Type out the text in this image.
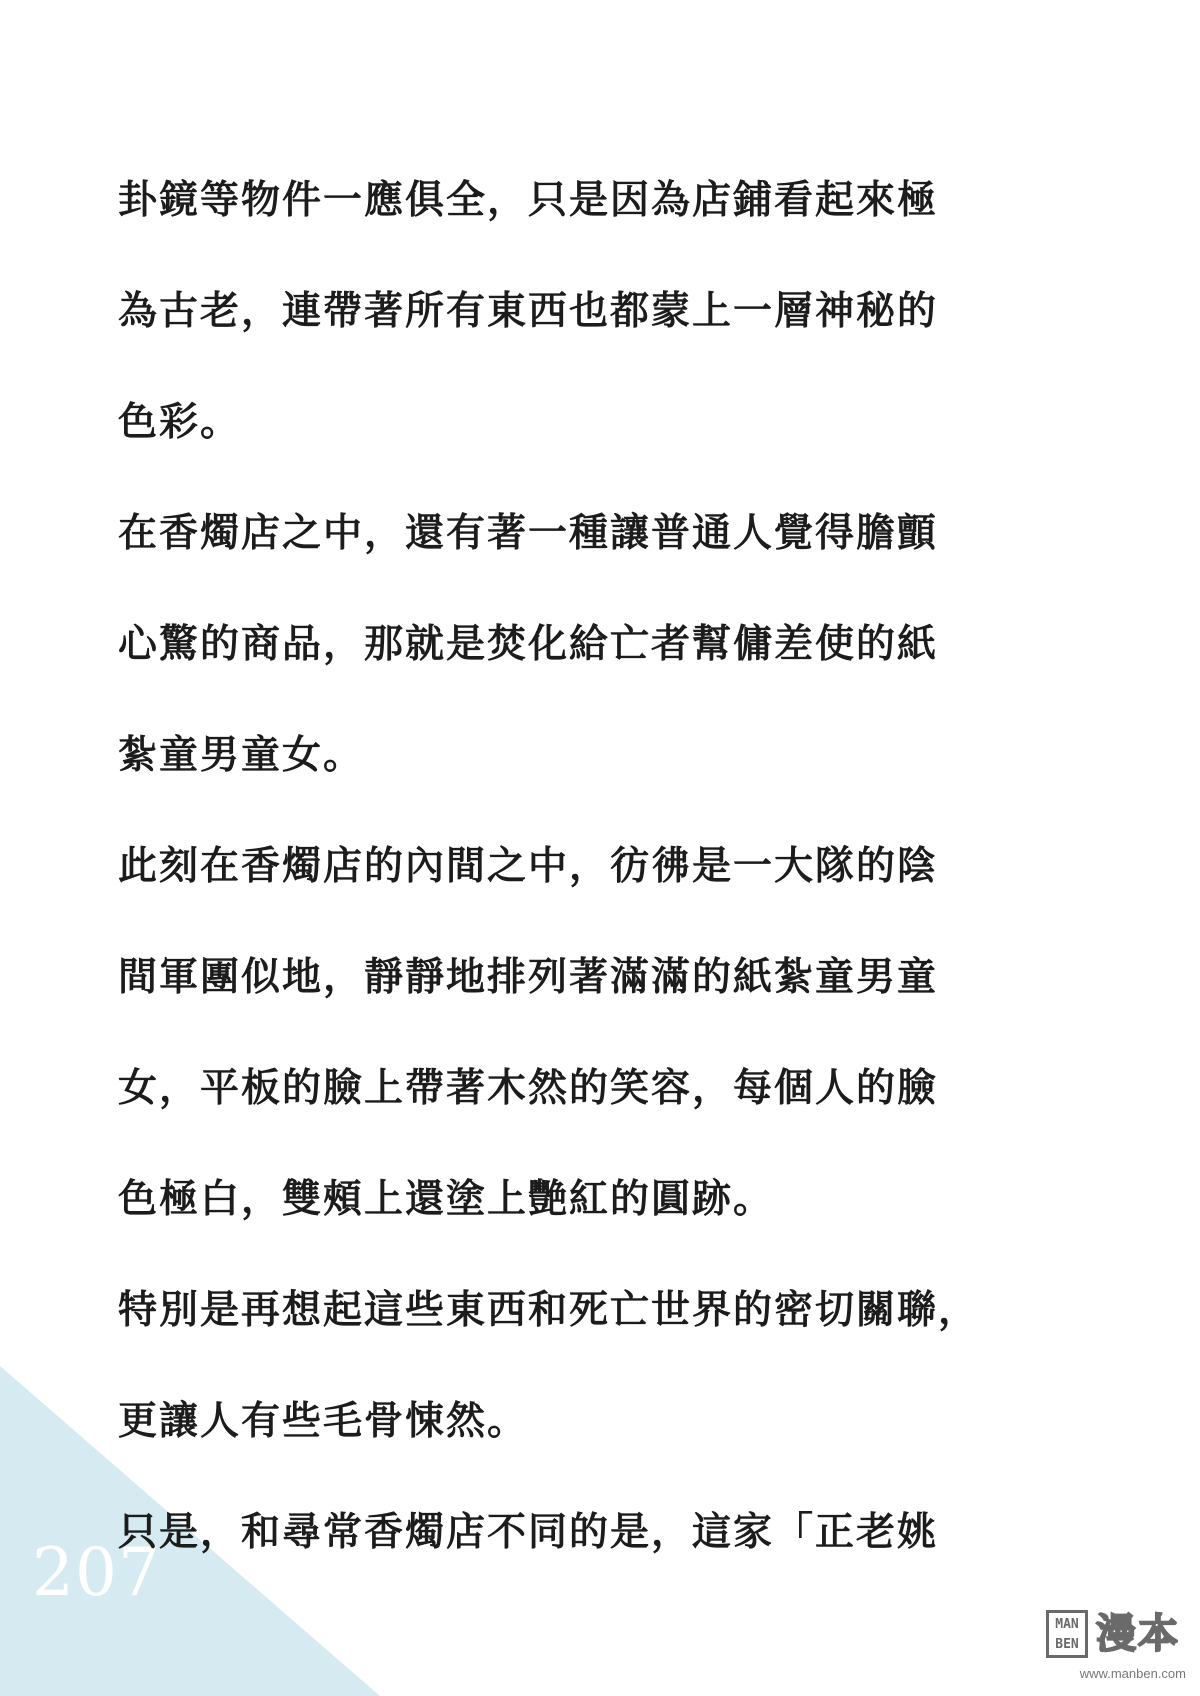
207
卦鏡等物件一應俱全，只是因為店鋪看起來極
為古老，連帶著所有東西也都蒙上一層神秘的
色彩。
在香燭店之中，還有著一種讓普通人覺得膽顫
心驚的商品，那就是焚化給亡者幫傭差使的紙
紮童男童女。
此刻在香燭店的內間之中，彷彿是一大隊的陰
間軍團似地，靜靜地排列著滿滿的紙紮童男童
女，平板的臉上帶著木然的笑容，每個人的臉
色極白，雙頰上還塗上艷紅的圓跡。
特別是再想起這些東西和死亡世界的密切關聯，
更讓人有些毛骨悚然。
只是，和尋常香燭店不同的是，這家「正老姚
MAN
BEN 漫本
www.manben.com
